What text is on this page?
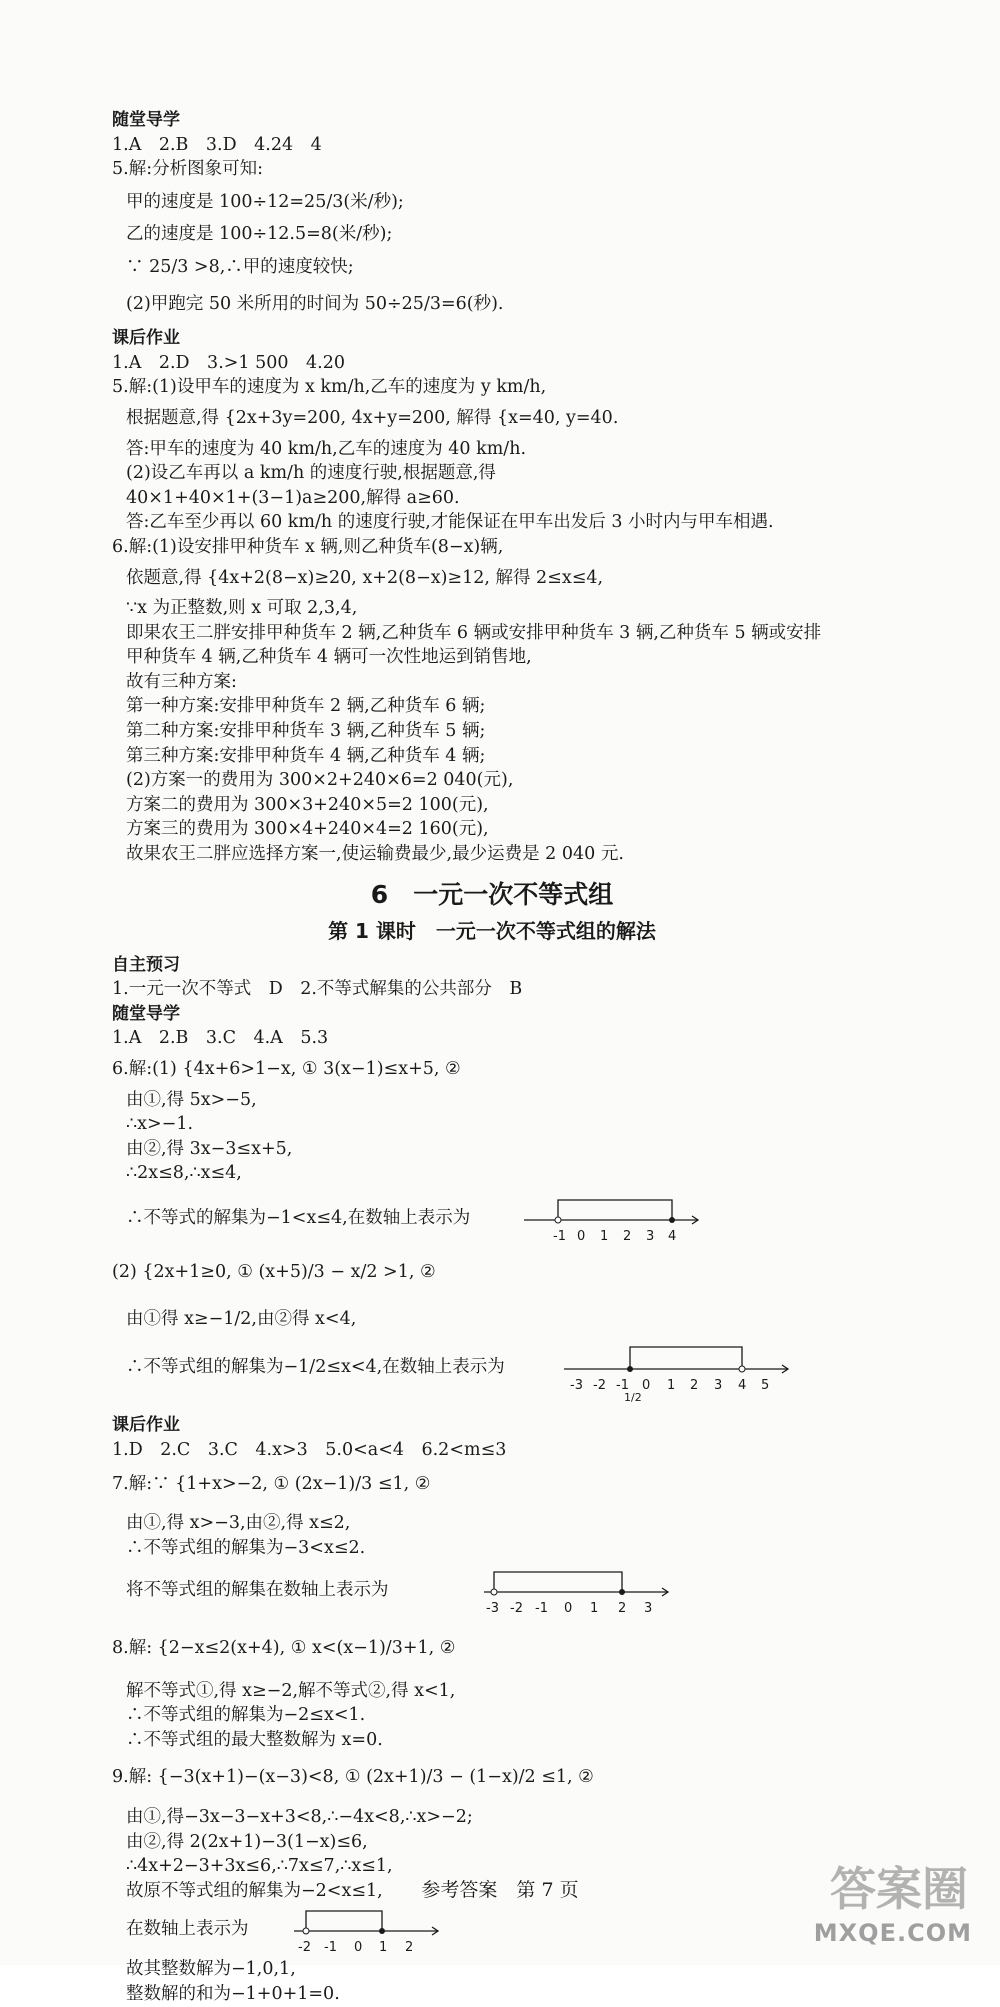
随堂导学
1.A　2.B　3.D　4.24　4
5.解:分析图象可知:
甲的速度是 100÷12=25/3(米/秒);
乙的速度是 100÷12.5=8(米/秒);
∵ 25/3 >8,∴甲的速度较快;
(2)甲跑完 50 米所用的时间为 50÷25/3=6(秒).
课后作业
1.A　2.D　3.>1 500　4.20
5.解:(1)设甲车的速度为 x km/h,乙车的速度为 y km/h,
根据题意,得 {2x+3y=200, 4x+y=200, 解得 {x=40, y=40.
答:甲车的速度为 40 km/h,乙车的速度为 40 km/h.
(2)设乙车再以 a km/h 的速度行驶,根据题意,得
40×1+40×1+(3−1)a≥200,解得 a≥60.
答:乙车至少再以 60 km/h 的速度行驶,才能保证在甲车出发后 3 小时内与甲车相遇.
6.解:(1)设安排甲种货车 x 辆,则乙种货车(8−x)辆,
依题意,得 {4x+2(8−x)≥20, x+2(8−x)≥12, 解得 2≤x≤4,
∵x 为正整数,则 x 可取 2,3,4,
即果农王二胖安排甲种货车 2 辆,乙种货车 6 辆或安排甲种货车 3 辆,乙种货车 5 辆或安排
甲种货车 4 辆,乙种货车 4 辆可一次性地运到销售地,
故有三种方案:
第一种方案:安排甲种货车 2 辆,乙种货车 6 辆;
第二种方案:安排甲种货车 3 辆,乙种货车 5 辆;
第三种方案:安排甲种货车 4 辆,乙种货车 4 辆;
(2)方案一的费用为 300×2+240×6=2 040(元),
方案二的费用为 300×3+240×5=2 100(元),
方案三的费用为 300×4+240×4=2 160(元),
故果农王二胖应选择方案一,使运输费最少,最少运费是 2 040 元.
6　一元一次不等式组
第 1 课时　一元一次不等式组的解法
自主预习
1.一元一次不等式　D　2.不等式解集的公共部分　B
随堂导学
1.A　2.B　3.C　4.A　5.3
6.解:(1) {4x+6>1−x, ① 3(x−1)≤x+5, ②
由①,得 5x>−5,
∴x>−1.
由②,得 3x−3≤x+5,
∴2x≤8,∴x≤4,
∴不等式的解集为−1<x≤4,在数轴上表示为
-1 0 1 2 3 4
(2) {2x+1≥0, ① (x+5)/3 − x/2 >1, ②
由①得 x≥−1/2,由②得 x<4,
∴不等式组的解集为−1/2≤x<4,在数轴上表示为
-3 -2 -1
1/2
0 1 2 3 4 5
课后作业
1.D　2.C　3.C　4.x>3　5.0<a<4　6.2<m≤3
7.解:∵ {1+x>−2, ① (2x−1)/3 ≤1, ②
由①,得 x>−3,由②,得 x≤2,
∴不等式组的解集为−3<x≤2.
将不等式组的解集在数轴上表示为
-3 -2 -1 0 1 2 3
8.解: {2−x≤2(x+4), ① x<(x−1)/3+1, ②
解不等式①,得 x≥−2,解不等式②,得 x<1,
∴不等式组的解集为−2≤x<1.
∴不等式组的最大整数解为 x=0.
9.解: {−3(x+1)−(x−3)<8, ① (2x+1)/3 − (1−x)/2 ≤1, ②
由①,得−3x−3−x+3<8,∴−4x<8,∴x>−2;
由②,得 2(2x+1)−3(1−x)≤6,
∴4x+2−3+3x≤6,∴7x≤7,∴x≤1,
故原不等式组的解集为−2<x≤1,
在数轴上表示为
-2 -1 0 1 2
故其整数解为−1,0,1,
整数解的和为−1+0+1=0.
参考答案　第 7 页	答案圈
MXQE.COM
